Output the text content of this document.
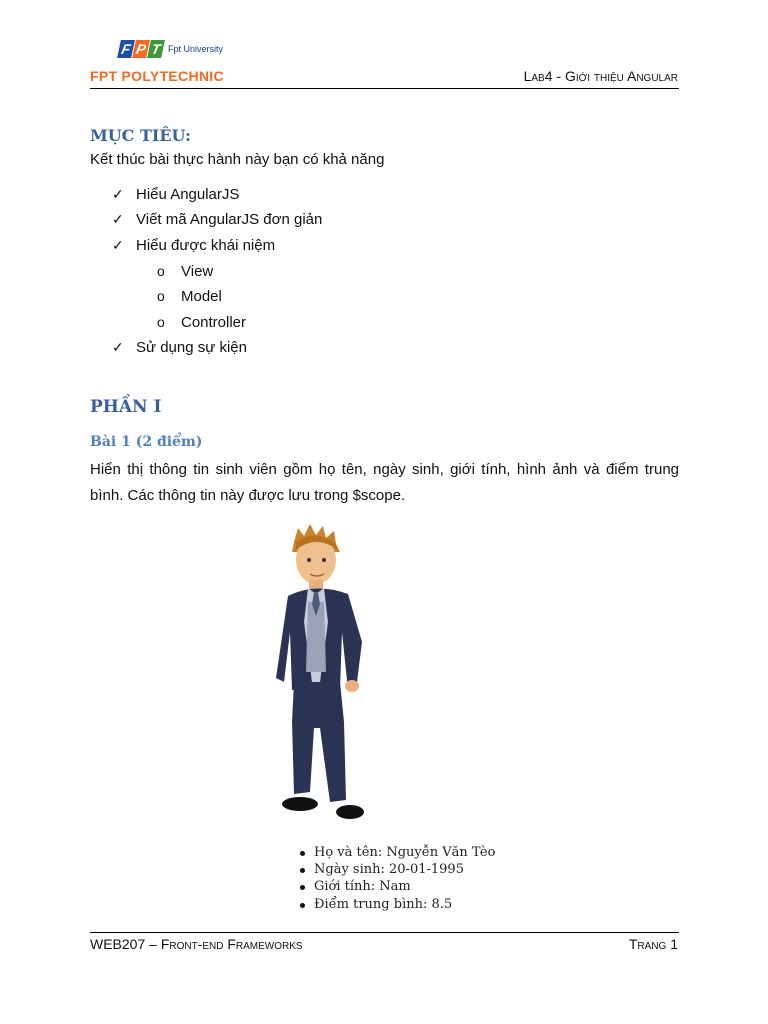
F P T Fpt University
FPT POLYTECHNIC	Lab4 - Giới thiệu Angular
MỤC TIÊU:
Kết thúc bài thực hành này bạn có khả năng
✓ Hiểu AngularJS
✓ Viết mã AngularJS đơn giản
✓ Hiểu được khái niệm
o View
o Model
o Controller
✓ Sử dụng sự kiện
PHẦN I
Bài 1 (2 điểm)
Hiển thị thông tin sinh viên gồm họ tên, ngày sinh, giới tính, hình ảnh và điểm trung bình. Các thông tin này được lưu trong $scope.
Họ và tên: Nguyễn Văn Tèo
Ngày sinh: 20-01-1995
Giới tính: Nam
Điểm trung bình: 8.5
WEB207 – Front-end Frameworks	Trang 1
